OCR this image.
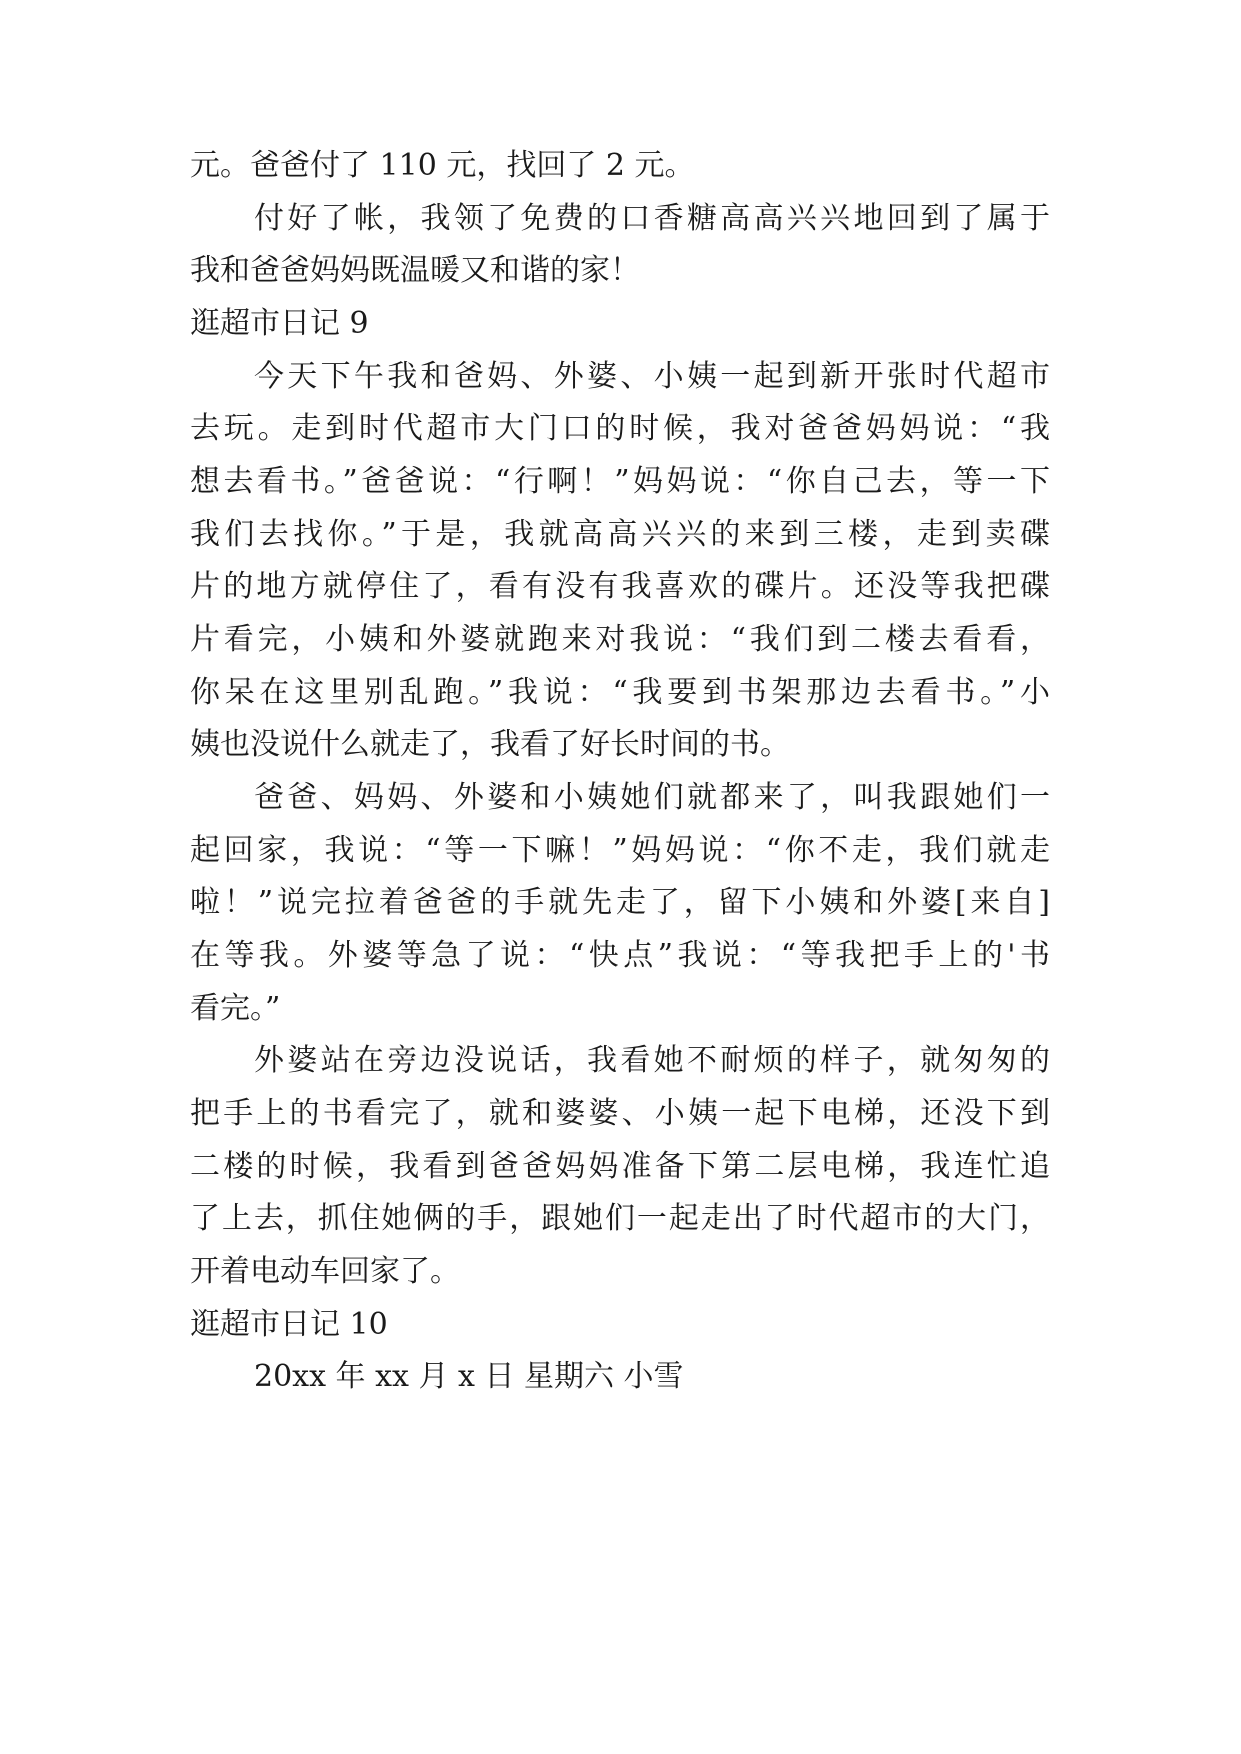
元。爸爸付了 110 元，找回了 2 元。
付好了帐，我领了免费的口香糖高高兴兴地回到了属于
我和爸爸妈妈既温暖又和谐的家！
逛超市日记 9
今天下午我和爸妈、外婆、小姨一起到新开张时代超市
去玩。走到时代超市大门口的时候，我对爸爸妈妈说：“我
想去看书。”爸爸说：“行啊！”妈妈说：“你自己去，等一下
我们去找你。”于是，我就高高兴兴的来到三楼，走到卖碟
片的地方就停住了，看有没有我喜欢的碟片。还没等我把碟
片看完，小姨和外婆就跑来对我说：“我们到二楼去看看，
你呆在这里别乱跑。”我说：“我要到书架那边去看书。”小
姨也没说什么就走了，我看了好长时间的书。
爸爸、妈妈、外婆和小姨她们就都来了，叫我跟她们一
起回家，我说：“等一下嘛！”妈妈说：“你不走，我们就走
啦！”说完拉着爸爸的手就先走了，留下小姨和外婆[来自]
在等我。外婆等急了说：“快点”我说：“等我把手上的'书
看完。”
外婆站在旁边没说话，我看她不耐烦的样子，就匆匆的
把手上的书看完了，就和婆婆、小姨一起下电梯，还没下到
二楼的时候，我看到爸爸妈妈准备下第二层电梯，我连忙追
了上去，抓住她俩的手，跟她们一起走出了时代超市的大门，
开着电动车回家了。
逛超市日记 10
20xx 年 xx 月 x 日 星期六 小雪
